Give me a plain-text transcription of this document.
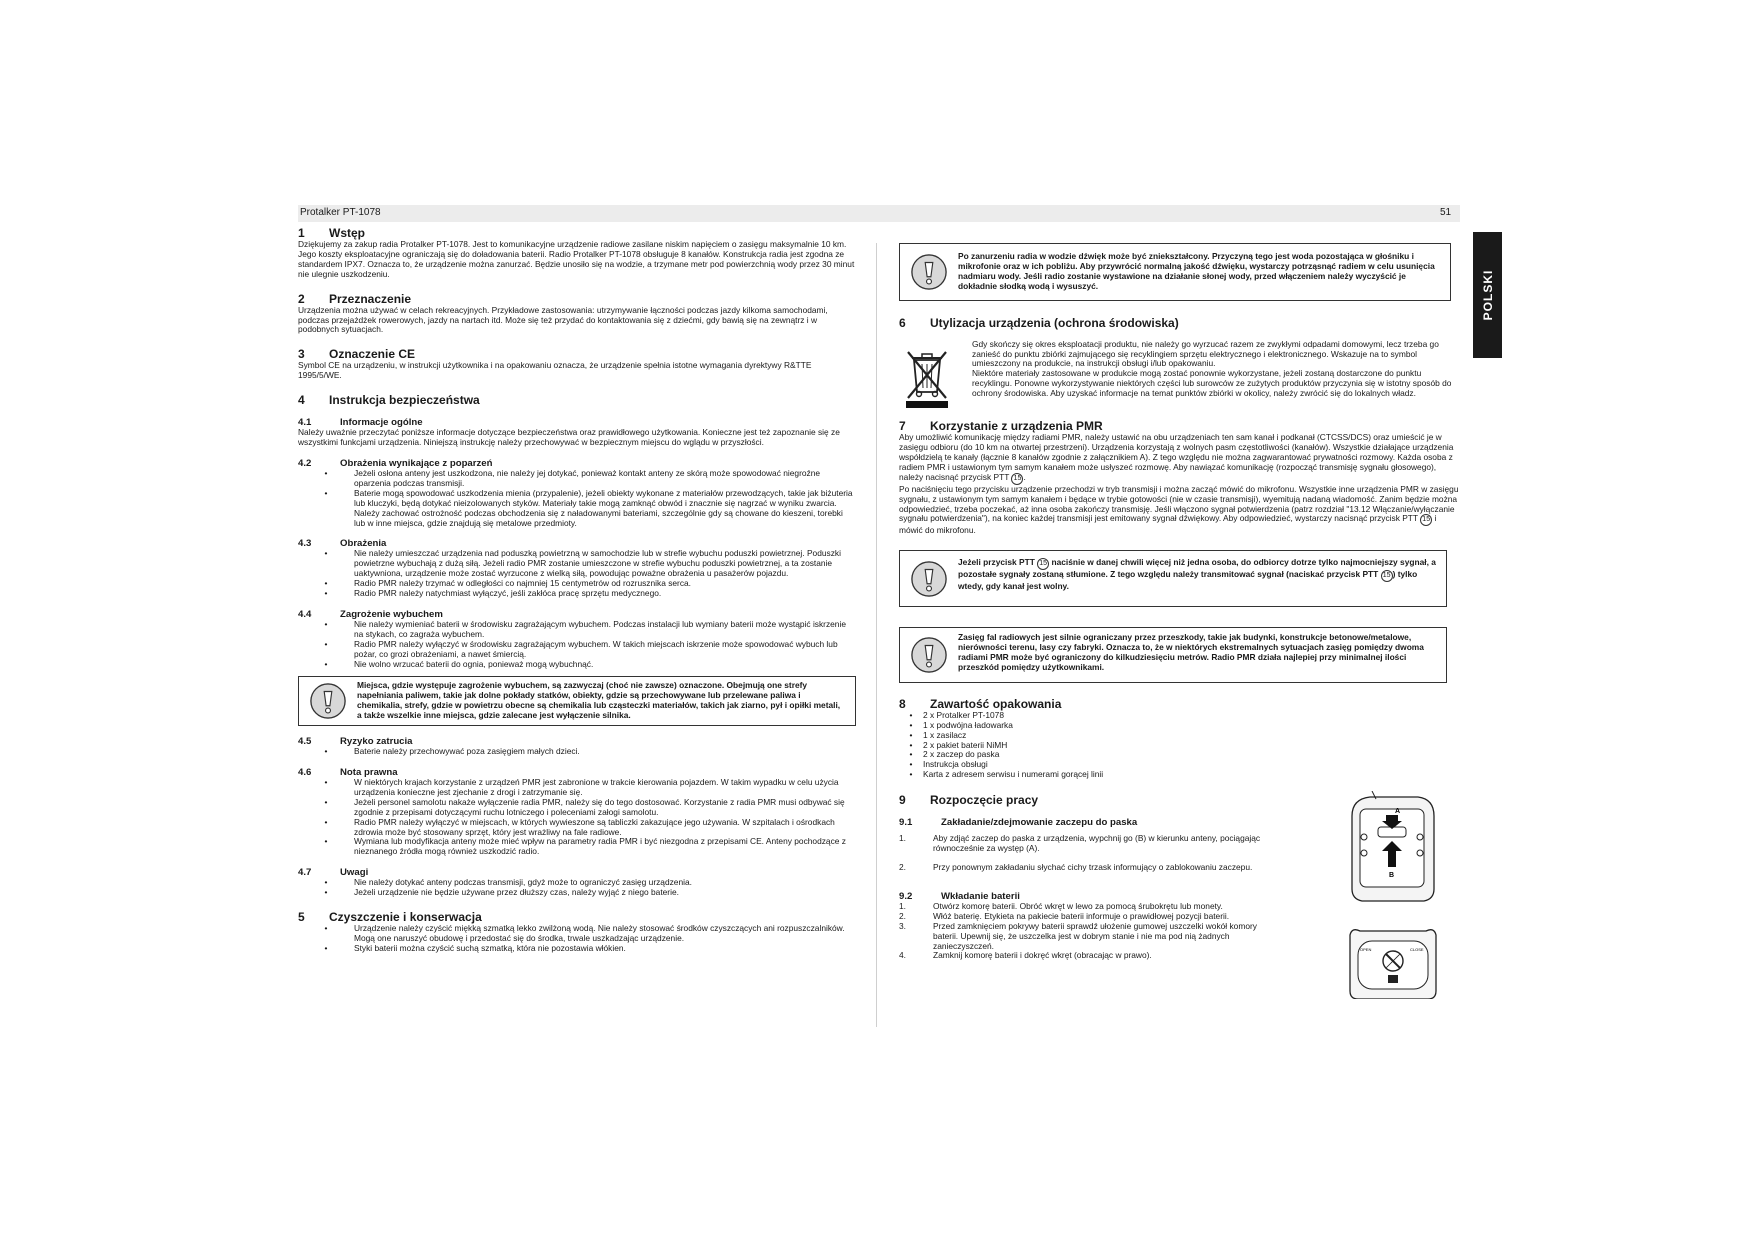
Protalker PT-1078	51
POLSKI
1	Wstęp

Dziękujemy za zakup radia Protalker PT-1078. Jest to komunikacyjne urządzenie radiowe zasilane niskim napięciem o zasięgu maksymalnie 10 km. Jego koszty eksploatacyjne ograniczają się do doładowania baterii. Radio Protalker PT-1078 obsługuje 8 kanałów. Konstrukcja radia jest zgodna ze standardem IPX7. Oznacza to, że urządzenie można zanurzać. Będzie unosiło się na wodzie, a trzymane metr pod powierzchnią wody przez 30 minut nie ulegnie uszkodzeniu.

2	Przeznaczenie

Urządzenia można używać w celach rekreacyjnych. Przykładowe zastosowania: utrzymywanie łączności podczas jazdy kilkoma samochodami, podczas przejażdżek rowerowych, jazdy na nartach itd. Może się też przydać do kontaktowania się z dziećmi, gdy bawią się na zewnątrz i w podobnych sytuacjach.

3	Oznaczenie CE

Symbol CE na urządzeniu, w instrukcji użytkownika i na opakowaniu oznacza, że urządzenie spełnia istotne wymagania dyrektywy R&TTE 1995/5/WE.

4	Instrukcja bezpieczeństwa
4.1	Informacje ogólne

Należy uważnie przeczytać poniższe informacje dotyczące bezpieczeństwa oraz prawidłowego użytkowania. Konieczne jest też zapoznanie się ze wszystkimi funkcjami urządzenia. Niniejszą instrukcję należy przechowywać w bezpiecznym miejscu do wglądu w przyszłości.

4.2	Obrażenia wynikające z poparzeń
•	Jeżeli osłona anteny jest uszkodzona, nie należy jej dotykać, ponieważ kontakt anteny ze skórą może spowodować niegroźne oparzenia podczas transmisji.
•	Baterie mogą spowodować uszkodzenia mienia (przypalenie), jeżeli obiekty wykonane z materiałów przewodzących, takie jak biżuteria lub kluczyki, będą dotykać nieizolowanych styków. Materiały takie mogą zamknąć obwód i znacznie się nagrzać w wyniku zwarcia. Należy zachować ostrożność podczas obchodzenia się z naładowanymi bateriami, szczególnie gdy są chowane do kieszeni, torebki lub w inne miejsca, gdzie znajdują się metalowe przedmioty.
4.3	Obrażenia
•	Nie należy umieszczać urządzenia nad poduszką powietrzną w samochodzie lub w strefie wybuchu poduszki powietrznej. Poduszki powietrzne wybuchają z dużą siłą. Jeżeli radio PMR zostanie umieszczone w strefie wybuchu poduszki powietrznej, a ta zostanie uaktywniona, urządzenie może zostać wyrzucone z wielką siłą, powodując poważne obrażenia u pasażerów pojazdu.
•	Radio PMR należy trzymać w odległości co najmniej 15 centymetrów od rozrusznika serca.
•	Radio PMR należy natychmiast wyłączyć, jeśli zakłóca pracę sprzętu medycznego.
4.4	Zagrożenie wybuchem
•	Nie należy wymieniać baterii w środowisku zagrażającym wybuchem. Podczas instalacji lub wymiany baterii może wystąpić iskrzenie na stykach, co zagraża wybuchem.
•	Radio PMR należy wyłączyć w środowisku zagrażającym wybuchem. W takich miejscach iskrzenie może spowodować wybuch lub pożar, co grozi obrażeniami, a nawet śmiercią.
•	Nie wolno wrzucać baterii do ognia, ponieważ mogą wybuchnąć.
Miejsca, gdzie występuje zagrożenie wybuchem, są zazwyczaj (choć nie zawsze) oznaczone. Obejmują one strefy napełniania paliwem, takie jak dolne pokłady statków, obiekty, gdzie są przechowywane lub przelewane paliwa i chemikalia, strefy, gdzie w powietrzu obecne są chemikalia lub cząsteczki materiałów, takich jak ziarno, pył i opiłki metali, a także wszelkie inne miejsca, gdzie zalecane jest wyłączenie silnika.
4.5	Ryzyko zatrucia
•	Baterie należy przechowywać poza zasięgiem małych dzieci.
4.6	Nota prawna
•	W niektórych krajach korzystanie z urządzeń PMR jest zabronione w trakcie kierowania pojazdem. W takim wypadku w celu użycia urządzenia konieczne jest zjechanie z drogi i zatrzymanie się.
•	Jeżeli personel samolotu nakaże wyłączenie radia PMR, należy się do tego dostosować. Korzystanie z radia PMR musi odbywać się zgodnie z przepisami dotyczącymi ruchu lotniczego i poleceniami załogi samolotu.
•	Radio PMR należy wyłączyć w miejscach, w których wywieszone są tabliczki zakazujące jego używania. W szpitalach i ośrodkach zdrowia może być stosowany sprzęt, który jest wrażliwy na fale radiowe.
•	Wymiana lub modyfikacja anteny może mieć wpływ na parametry radia PMR i być niezgodna z przepisami CE. Anteny pochodzące z nieznanego źródła mogą również uszkodzić radio.
4.7	Uwagi
•	Nie należy dotykać anteny podczas transmisji, gdyż może to ograniczyć zasięg urządzenia.
•	Jeżeli urządzenie nie będzie używane przez dłuższy czas, należy wyjąć z niego baterie.
5	Czyszczenie i konserwacja
•	Urządzenie należy czyścić miękką szmatką lekko zwilżoną wodą. Nie należy stosować środków czyszczących ani rozpuszczalników. Mogą one naruszyć obudowę i przedostać się do środka, trwale uszkadzając urządzenie.
•	Styki baterii można czyścić suchą szmatką, która nie pozostawia włókien.
Po zanurzeniu radia w wodzie dźwięk może być zniekształcony. Przyczyną tego jest woda pozostająca w głośniku i mikrofonie oraz w ich pobliżu. Aby przywrócić normalną jakość dźwięku, wystarczy potrząsnąć radiem w celu usunięcia nadmiaru wody. Jeśli radio zostanie wystawione na działanie słonej wody, przed włączeniem należy wyczyścić je dokładnie słodką wodą i wysuszyć.
6	Utylizacja urządzenia (ochrona środowiska)

Gdy skończy się okres eksploatacji produktu, nie należy go wyrzucać razem ze zwykłymi odpadami domowymi, lecz trzeba go zanieść do punktu zbiórki zajmującego się recyklingiem sprzętu elektrycznego i elektronicznego. Wskazuje na to symbol umieszczony na produkcie, na instrukcji obsługi i/lub opakowaniu.

Niektóre materiały zastosowane w produkcie mogą zostać ponownie wykorzystane, jeżeli zostaną dostarczone do punktu recyklingu. Ponowne wykorzystywanie niektórych części lub surowców ze zużytych produktów przyczynia się w istotny sposób do ochrony środowiska. Aby uzyskać informacje na temat punktów zbiórki w okolicy, należy zwrócić się do lokalnych władz.

7	Korzystanie z urządzenia PMR

Aby umożliwić komunikację między radiami PMR, należy ustawić na obu urządzeniach ten sam kanał i podkanał (CTCSS/DCS) oraz umieścić je w zasięgu odbioru (do 10 km na otwartej przestrzeni). Urządzenia korzystają z wolnych pasm częstotliwości (kanałów). Wszystkie działające urządzenia współdzielą te kanały (łącznie 8 kanałów zgodnie z załącznikiem A). Z tego względu nie można zagwarantować prywatności rozmowy. Każda osoba z radiem PMR i ustawionym tym samym kanałem może usłyszeć rozmowę. Aby nawiązać komunikację (rozpocząć transmisję sygnału głosowego), należy nacisnąć przycisk PTT 15 .

Po naciśnięciu tego przycisku urządzenie przechodzi w tryb transmisji i można zacząć mówić do mikrofonu. Wszystkie inne urządzenia PMR w zasięgu sygnału, z ustawionym tym samym kanałem i będące w trybie gotowości (nie w czasie transmisji), wyemitują nadaną wiadomość. Zanim będzie można odpowiedzieć, trzeba poczekać, aż inna osoba zakończy transmisję. Jeśli włączono sygnał potwierdzenia (patrz rozdział "13.12 Włączanie/wyłączanie sygnału potwierdzenia"), na koniec każdej transmisji jest emitowany sygnał dźwiękowy. Aby odpowiedzieć, wystarczy nacisnąć przycisk PTT 15 i mówić do mikrofonu.

Jeżeli przycisk PTT 15 naciśnie w danej chwili więcej niż jedna osoba, do odbiorcy dotrze tylko najmocniejszy sygnał, a pozostałe sygnały zostaną stłumione. Z tego względu należy transmitować sygnał (naciskać przycisk PTT 15 ) tylko wtedy, gdy kanał jest wolny.
Zasięg fal radiowych jest silnie ograniczany przez przeszkody, takie jak budynki, konstrukcje betonowe/metalowe, nierówności terenu, lasy czy fabryki. Oznacza to, że w niektórych ekstremalnych sytuacjach zasięg pomiędzy dwoma radiami PMR może być ograniczony do kilkudziesięciu metrów. Radio PMR działa najlepiej przy minimalnej ilości przeszkód pomiędzy użytkownikami.
8	Zawartość opakowania
•	2 x Protalker PT-1078
•	1 x podwójna ładowarka
•	1 x zasilacz
•	2 x pakiet baterii NiMH
•	2 x zaczep do paska
•	Instrukcja obsługi
•	Karta z adresem serwisu i numerami gorącej linii
9	Rozpoczęcie pracy
9.1	Zakładanie/zdejmowanie zaczepu do paska
1.	Aby zdjąć zaczep do paska z urządzenia, wypchnij go (B) w kierunku anteny, pociągając równocześnie za występ (A).
2.	Przy ponownym zakładaniu słychać cichy trzask informujący o zablokowaniu zaczepu.
9.2	Wkładanie baterii
1.	Otwórz komorę baterii. Obróć wkręt w lewo za pomocą śrubokrętu lub monety.
2.	Włóż baterię. Etykieta na pakiecie baterii informuje o prawidłowej pozycji baterii.
3.	Przed zamknięciem pokrywy baterii sprawdź ułożenie gumowej uszczelki wokół komory baterii. Upewnij się, że uszczelka jest w dobrym stanie i nie ma pod nią żadnych zanieczyszczeń.
4.	Zamknij komorę baterii i dokręć wkręt (obracając w prawo).
A
B
OPEN	CLOSE
